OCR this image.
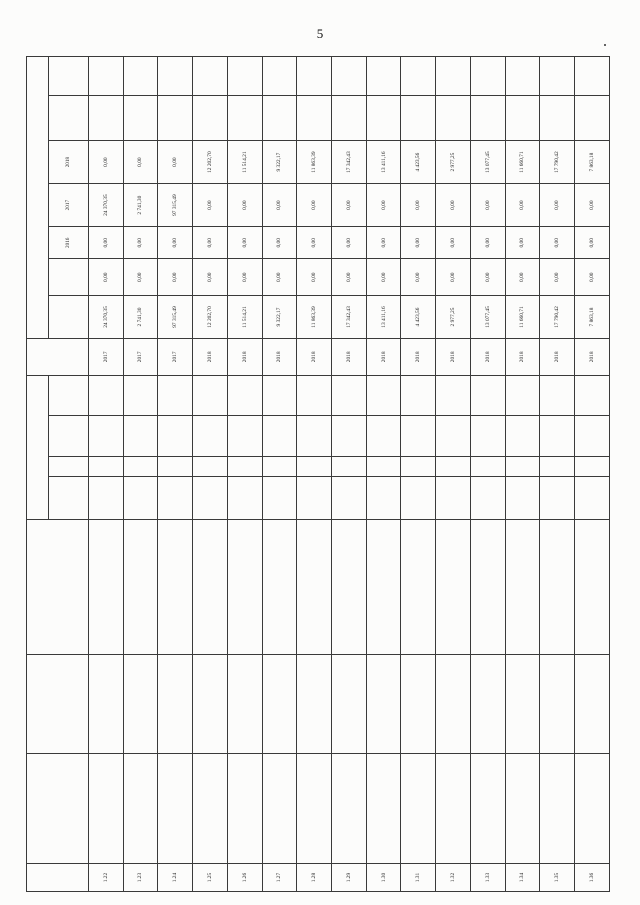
5

											2016	2017	2018		
1.22								2017	24 370,35	0,00	0,00	24 370,35	0,00		
1.23								2017	2 741,30	0,00	0,00	2 741,30	0,00		
1.24								2017	97 315,49	0,00	0,00	97 315,49	0,00		
1.25								2018	12 202,70	0,00	0,00	0,00	12 202,70		
1.26								2018	11 514,21	0,00	0,00	0,00	11 514,21		
1.27								2018	9 322,17	0,00	0,00	0,00	9 322,17		
1.28								2018	11 863,39	0,00	0,00	0,00	11 863,39		
1.29								2018	17 342,43	0,00	0,00	0,00	17 342,43		
1.30								2018	13 411,16	0,00	0,00	0,00	13 411,16		
1.31								2018	4 423,56	0,00	0,00	0,00	4 423,56		
1.32								2018	2 977,25	0,00	0,00	0,00	2 977,25		
1.33								2018	13 077,45	0,00	0,00	0,00	13 077,45		
1.34								2018	11 660,71	0,00	0,00	0,00	11 660,71		
1.35								2018	17 790,42	0,00	0,00	0,00	17 790,42		
1.36								2018	7 863,18	0,00	0,00	0,00	7 863,18		
